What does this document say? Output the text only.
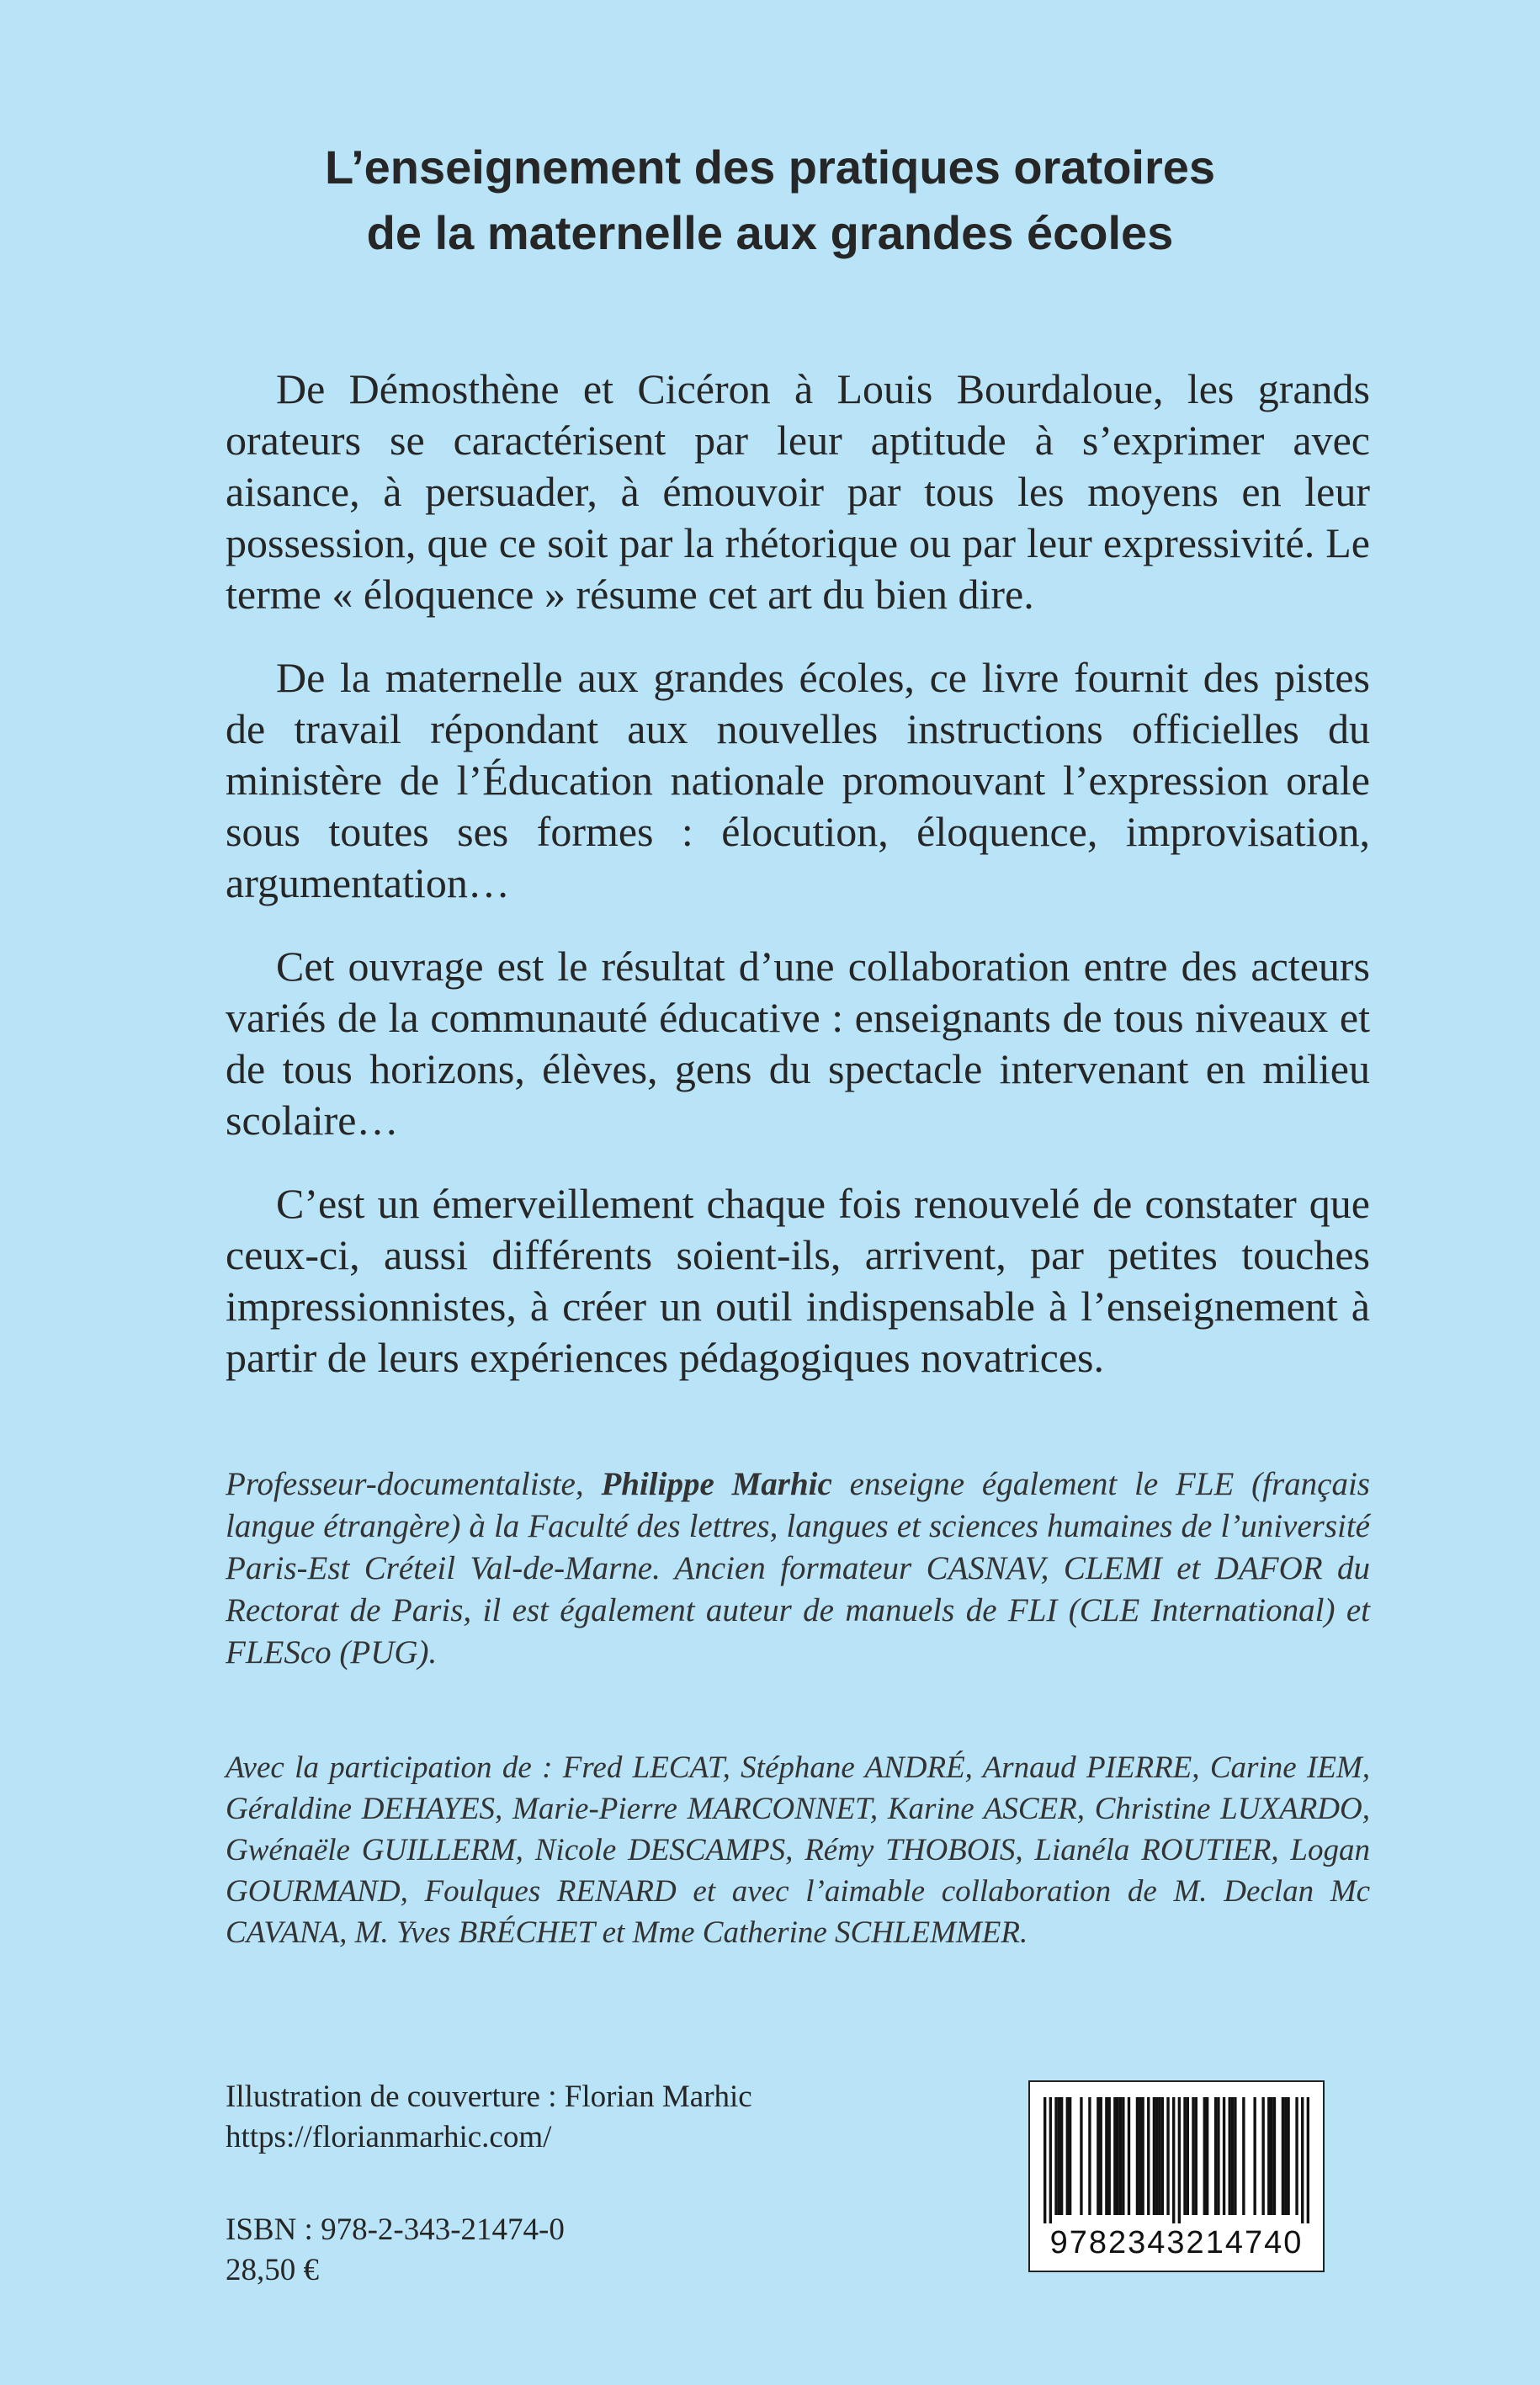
L’enseignement des pratiques oratoires
de la maternelle aux grandes écoles

De Démosthène et Cicéron à Louis Bourdaloue, les grands orateurs se caractérisent par leur aptitude à s’exprimer avec aisance, à persuader, à émouvoir par tous les moyens en leur possession, que ce soit par la rhétorique ou par leur expressivité. Le terme « éloquence » résume cet art du bien dire.

De la maternelle aux grandes écoles, ce livre fournit des pistes de travail répondant aux nouvelles instructions officielles du ministère de l’Éducation nationale promouvant l’expression orale sous toutes ses formes : élocution, éloquence, improvisation, argumentation…

Cet ouvrage est le résultat d’une collaboration entre des acteurs variés de la communauté éducative : enseignants de tous niveaux et de tous horizons, élèves, gens du spectacle intervenant en milieu scolaire…

C’est un émerveillement chaque fois renouvelé de constater que ceux-ci, aussi différents soient-ils, arrivent, par petites touches impressionnistes, à créer un outil indispensable à l’enseignement à partir de leurs expériences pédagogiques novatrices.

Professeur-documentaliste, Philippe Marhic enseigne également le FLE (français langue étrangère) à la Faculté des lettres, langues et sciences humaines de l’université Paris-Est Créteil Val-de-Marne. Ancien formateur CASNAV, CLEMI et DAFOR du Rectorat de Paris, il est également auteur de manuels de FLI (CLE International) et FLESco (PUG).

Avec la participation de : Fred LECAT, Stéphane ANDRÉ, Arnaud PIERRE, Carine IEM, Géraldine DEHAYES, Marie-Pierre MARCONNET, Karine ASCER, Christine LUXARDO, Gwénaële GUILLERM, Nicole DESCAMPS, Rémy THOBOIS, Lianéla ROUTIER, Logan GOURMAND, Foulques RENARD et avec l’aimable collaboration de M. Declan Mc CAVANA, M. Yves BRÉCHET et Mme Catherine SCHLEMMER.

Illustration de couverture : Florian Marhic
https://florianmarhic.com/
ISBN : 978-2-343-21474-0
28,50 €
9782343214740
